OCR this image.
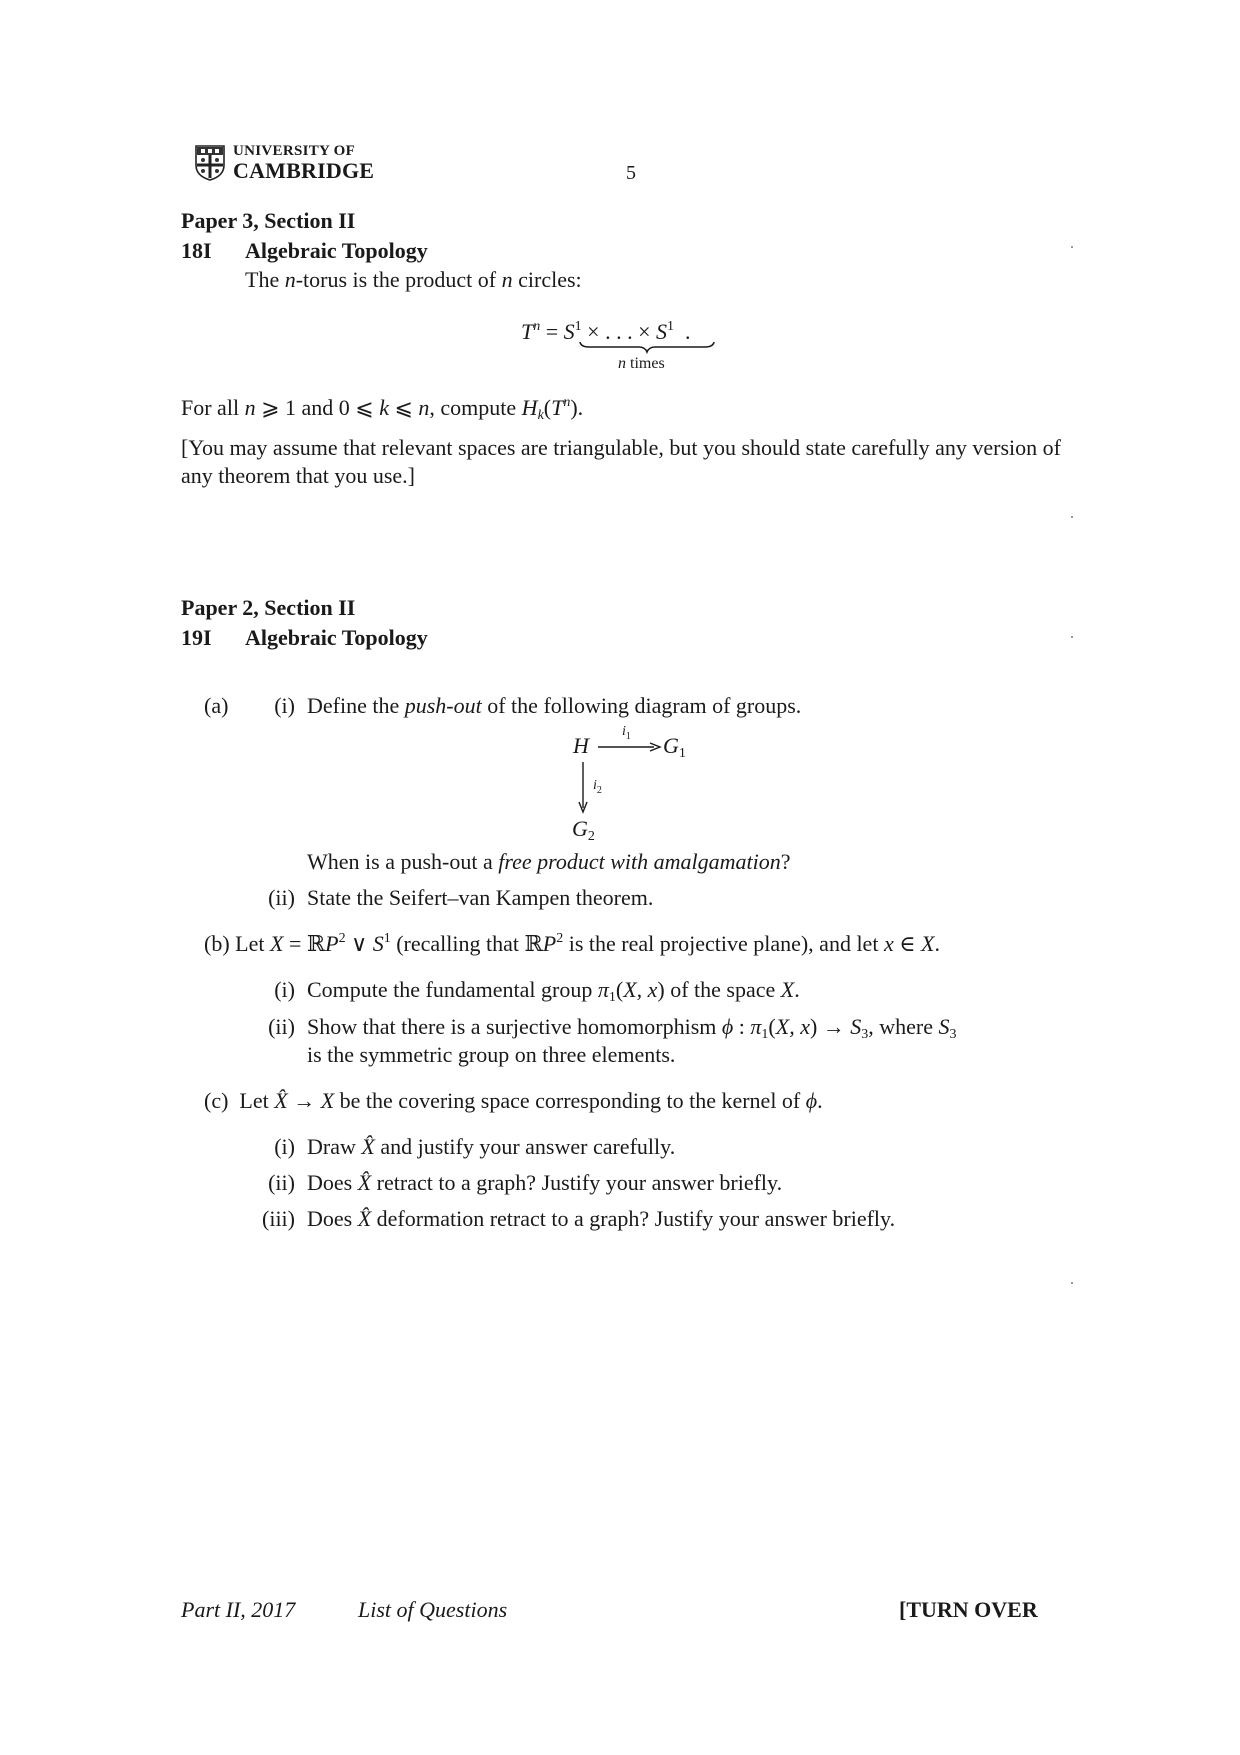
UNIVERSITY OF
CAMBRIDGE	5
Paper 3, Section II
18I Algebraic Topology
The n-torus is the product of n circles:
$T^n = S^1$ × . . . × $S^1$  .
n times
For all n ⩾ 1 and 0 ⩽ k ⩽ n, compute $H_k(T^n)$.
[You may assume that relevant spaces are triangulable, but you should state carefully any version of any theorem that you use.]
Paper 2, Section II
19I Algebraic Topology
(a)	(i) Define the push-out of the following diagram of groups.
H	$G_1$
$i_1$
$i_2$
$G_2$
When is a push-out a free product with amalgamation?
(ii) State the Seifert–van Kampen theorem.
(b) Let X = ℝP$^2$ ∨ $S^1$ (recalling that ℝP$^2$ is the real projective plane), and let x ∈ X.
(i) Compute the fundamental group $\pi_1(X$, x) of the space X.
(ii) Show that there is a surjective homomorphism ϕ : $\pi_1(X$, $x) \to S_3$, where $S_3$
is the symmetric group on three elements.
(c)  Let X̂ → X be the covering space corresponding to the kernel of ϕ.
(i) Draw X̂ and justify your answer carefully.
(ii) Does X̂ retract to a graph? Justify your answer briefly.
(iii) Does X̂ deformation retract to a graph? Justify your answer briefly.
Part II, 2017	List of Questions	[TURN OVER
